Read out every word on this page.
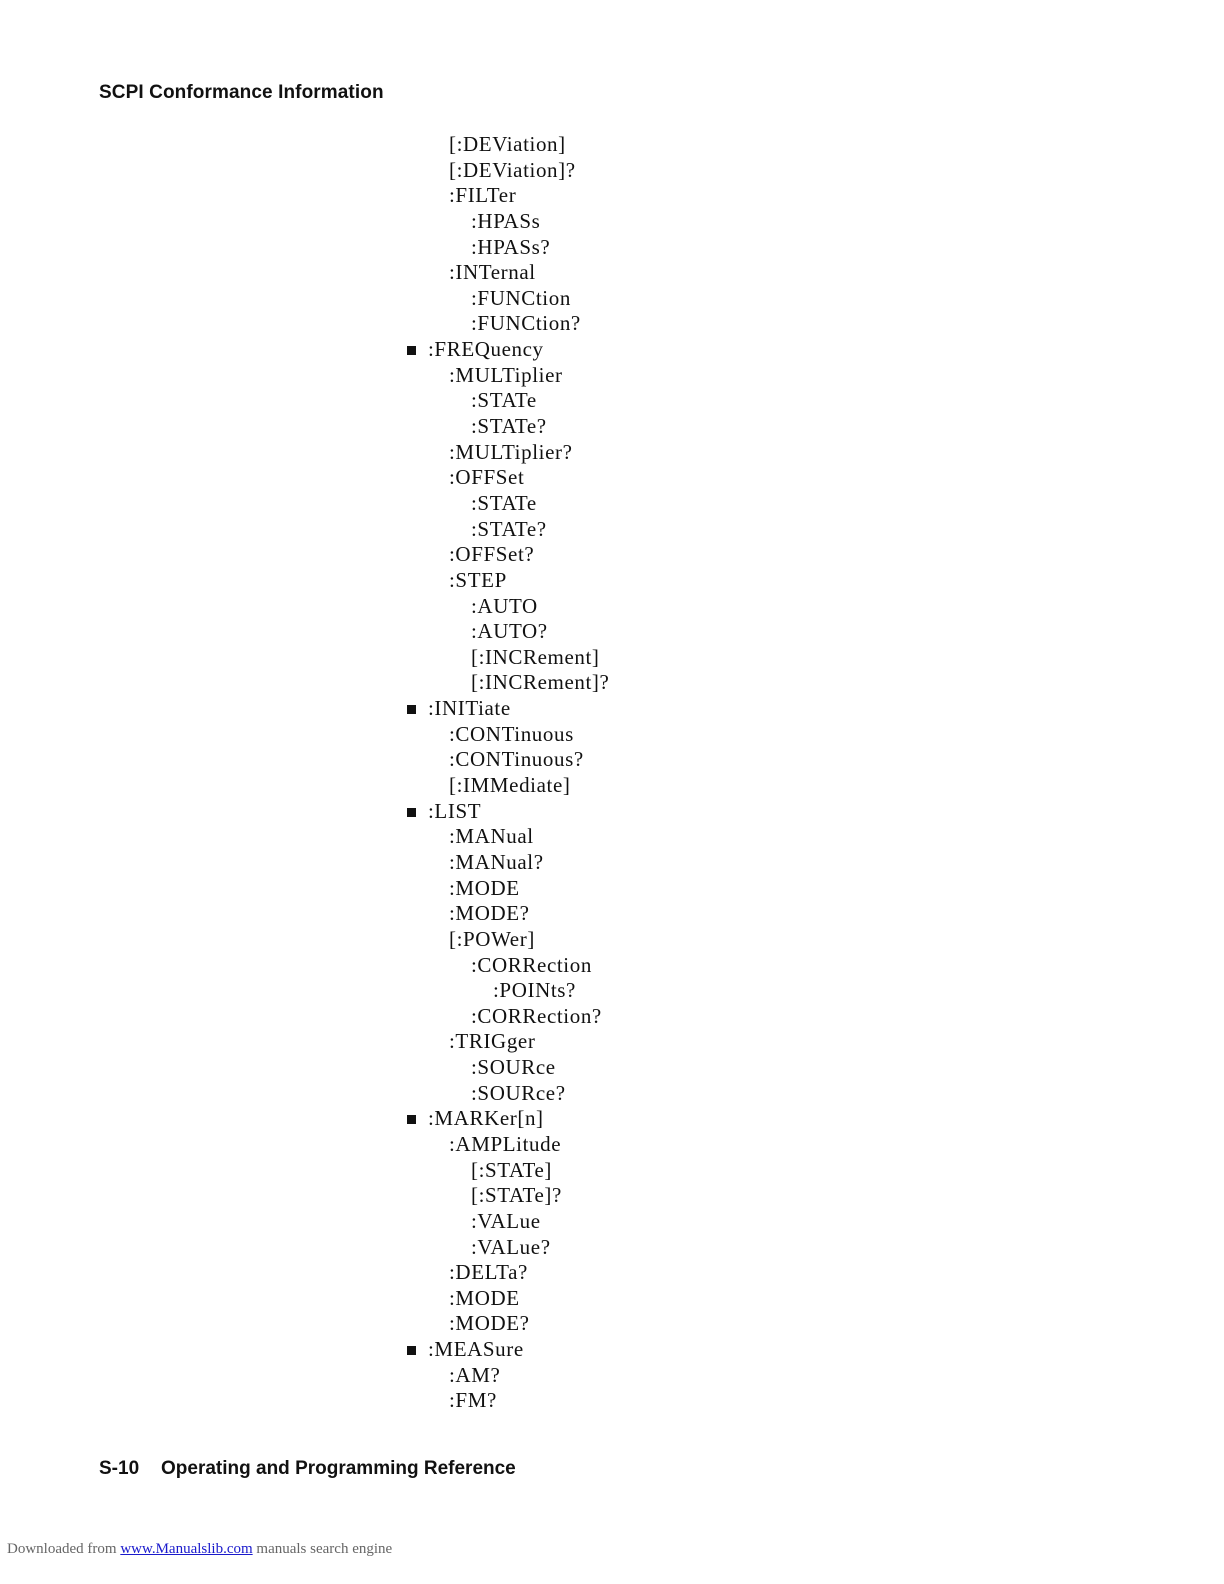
SCPI Conformance Information
[:DEViation]
[:DEViation]?
:FILTer
:HPASs
:HPASs?
:INTernal
:FUNCtion
:FUNCtion?
:FREQuency
:MULTiplier
:STATe
:STATe?
:MULTiplier?
:OFFSet
:STATe
:STATe?
:OFFSet?
:STEP
:AUTO
:AUTO?
[:INCRement]
[:INCRement]?
:INITiate
:CONTinuous
:CONTinuous?
[:IMMediate]
:LIST
:MANual
:MANual?
:MODE
:MODE?
[:POWer]
:CORRection
:POINts?
:CORRection?
:TRIGger
:SOURce
:SOURce?
:MARKer[n]
:AMPLitude
[:STATe]
[:STATe]?
:VALue
:VALue?
:DELTa?
:MODE
:MODE?
:MEASure
:AM?
:FM?
S-10 Operating and Programming Reference
Downloaded from www.Manualslib.com manuals search engine
